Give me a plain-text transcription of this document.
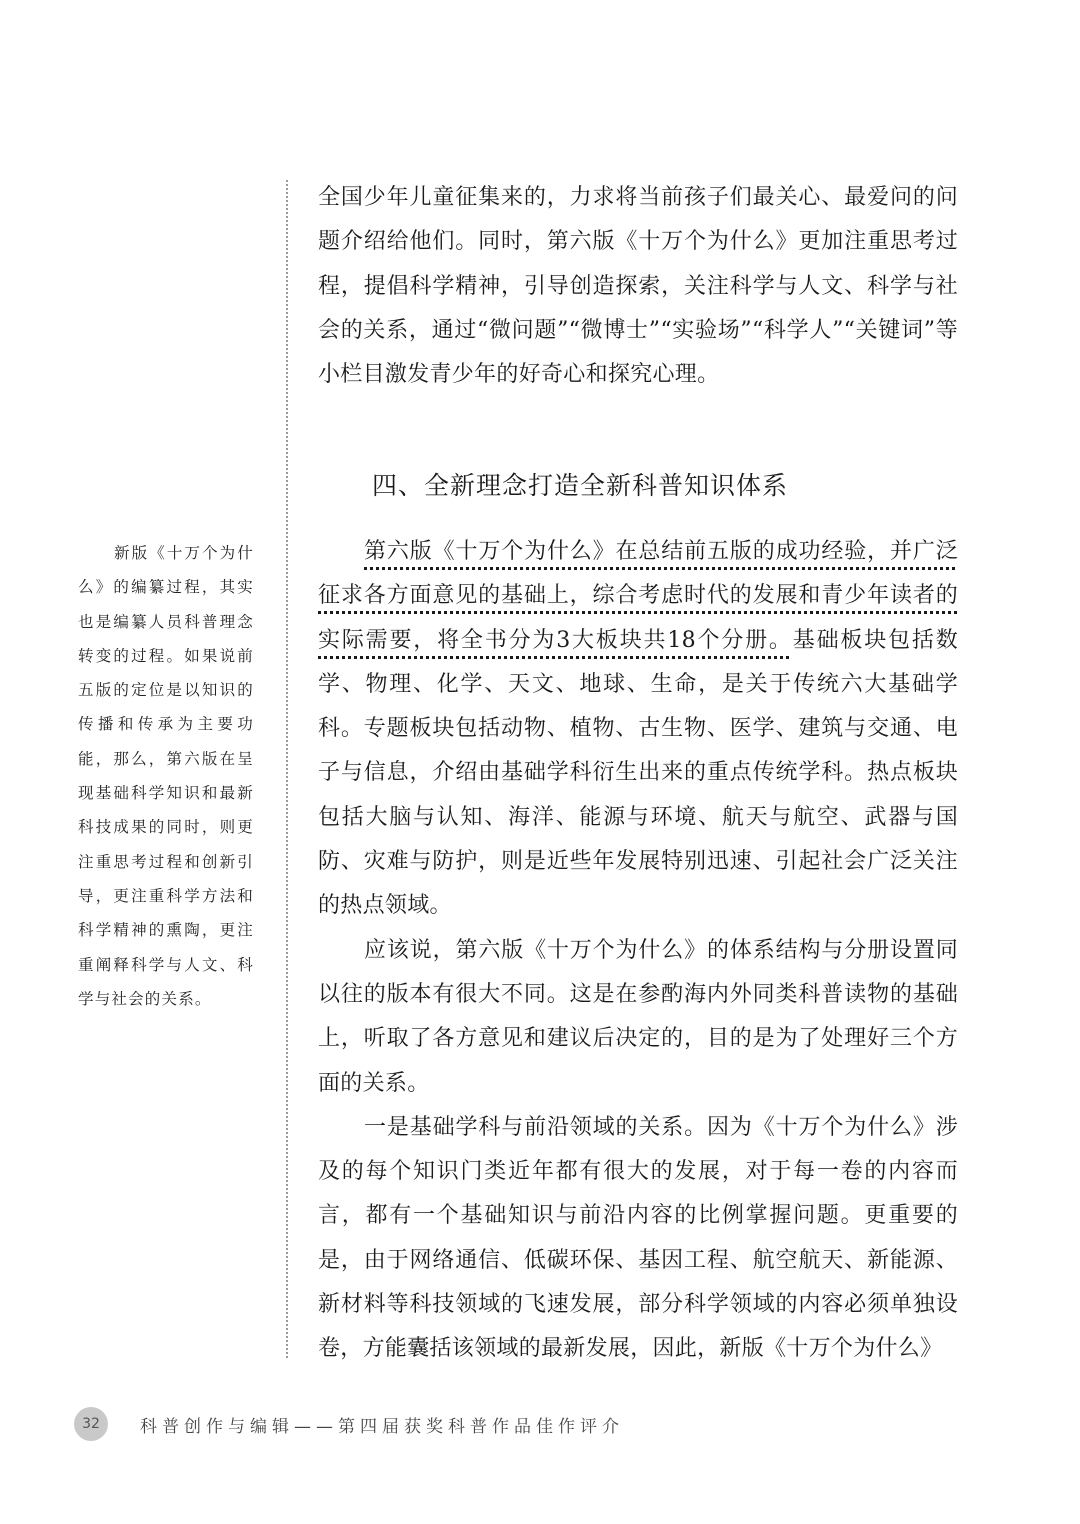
全国少年儿童征集来的，力求将当前孩子们最关心、最爱问的问题介绍给他们。同时，第六版《十万个为什么》更加注重思考过程，提倡科学精神，引导创造探索，关注科学与人文、科学与社会的关系，通过“微问题”“微博士”“实验场”“科学人”“关键词”等小栏目激发青少年的好奇心和探究心理。

四、全新理念打造全新科普知识体系

第六版《十万个为什么》在总结前五版的成功经验，并广泛征求各方面意见的基础上，综合考虑时代的发展和青少年读者的实际需要，将全书分为3大板块共18个分册。基础板块包括数学、物理、化学、天文、地球、生命，是关于传统六大基础学科。专题板块包括动物、植物、古生物、医学、建筑与交通、电子与信息，介绍由基础学科衍生出来的重点传统学科。热点板块包括大脑与认知、海洋、能源与环境、航天与航空、武器与国防、灾难与防护，则是近些年发展特别迅速、引起社会广泛关注的热点领域。

应该说，第六版《十万个为什么》的体系结构与分册设置同以往的版本有很大不同。这是在参酌海内外同类科普读物的基础上，听取了各方意见和建议后决定的，目的是为了处理好三个方面的关系。

一是基础学科与前沿领域的关系。因为《十万个为什么》涉及的每个知识门类近年都有很大的发展，对于每一卷的内容而言，都有一个基础知识与前沿内容的比例掌握问题。更重要的是，由于网络通信、低碳环保、基因工程、航空航天、新能源、新材料等科技领域的飞速发展，部分科学领域的内容必须单独设卷，方能囊括该领域的最新发展，因此，新版《十万个为什么》

新版《十万个为什么》的编纂过程，其实也是编纂人员科普理念转变的过程。如果说前五版的定位是以知识的传播和传承为主要功能，那么，第六版在呈现基础科学知识和最新科技成果的同时，则更注重思考过程和创新引导，更注重科学方法和科学精神的熏陶，更注重阐释科学与人文、科学与社会的关系。

32	科普创作与编辑——第四届获奖科普作品佳作评介
